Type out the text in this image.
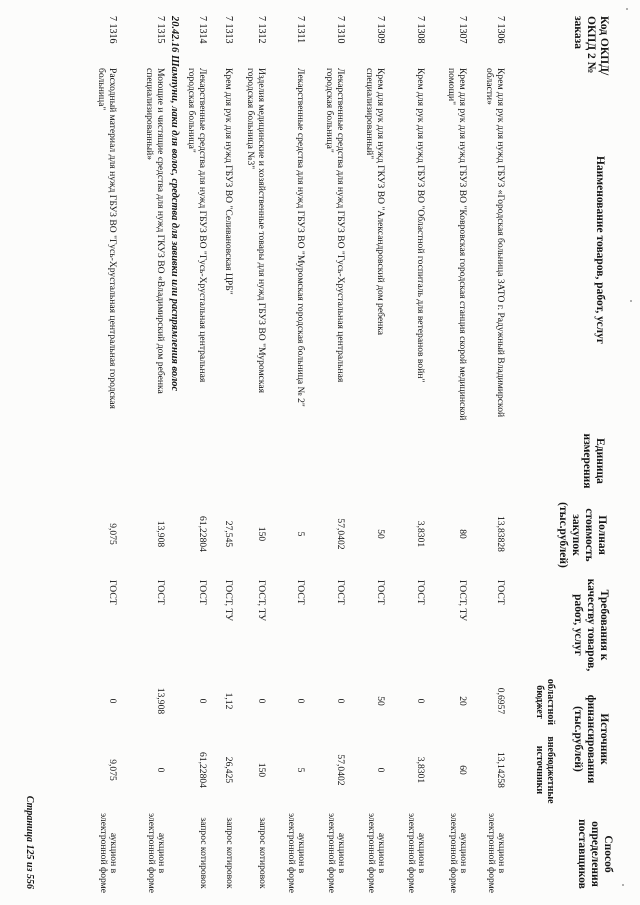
Код ОКПД/ ОКПД 2 № заказа
Наименование товаров, работ, услуг
Единица измерения
Полная стоимость закупок (тыс.рублей)
Требования к качеству товаров, работ, услуг
Источник финансирования (тыс.рублей)
областной бюджет
внебюджетные источники
Способ определения поставщиков
7 1306
Крем для рук для нужд ГБУЗ «Городская больница ЗАТО г. Радужный Владимирской области»
13,83828
ГОСТ
0,6957
13,14258
аукцион в электронной форме
7 1307
Крем для рук для нужд ГБУЗ ВО "Ковровская городская станция скорой медицинской помощи"
80
ГОСТ, ТУ
20
60
аукцион в электронной форме
7 1308
Крем для рук для нужд ГБУЗ ВО "Областной госпиталь для ветеранов войн"
3,8301
ГОСТ
0
3,8301
аукцион в электронной форме
7 1309
Крем для рук для нужд ГКУЗ ВО "Александровский дом ребенка специализированный"
50
ГОСТ
50
0
аукцион в электронной форме
7 1310
Лекарственные средства для нужд ГБУЗ ВО "Гусь-Хрустальная центральная городская больница"
57,0402
ГОСТ
0
57,0402
аукцион в электронной форме
7 1311
Лекарственные средства для нужд ГБУЗ ВО "Муромская городская больница № 2"
5
ГОСТ
0
5
аукцион в электронной форме
7 1312
Изделия медицинские и хозяйственные товары для нужд ГБУЗ ВО "Муромская городская больница №3"
150
ГОСТ, ТУ
0
150
запрос котировок
7 1313
Крем для рук для нужд ГБУЗ ВО "Селивановская ЦРБ"
27,545
ГОСТ, ТУ
1,12
26,425
запрос котировок
7 1314
Лекарственные средства для нужд ГБУЗ ВО "Гусь-Хрустальная центральная городская больница"
61,22804
ГОСТ
0
61,22804
запрос котировок
20.42.16 Шампуни, лаки для волос, средства для завивки или распрямления волос
7 1315
Моющие и чистящие средства для нужд ГКУЗ ВО «Владимирский дом ребенка специализированный»
13,908
ГОСТ
13,908
0
аукцион в электронной форме
7 1316
Расходный материал для нужд ГБУЗ ВО "Гусь-Хрустальная центральная городская больница"
9,075
ГОСТ
0
9,075
аукцион в электронной форме
Страница 125 из 556
